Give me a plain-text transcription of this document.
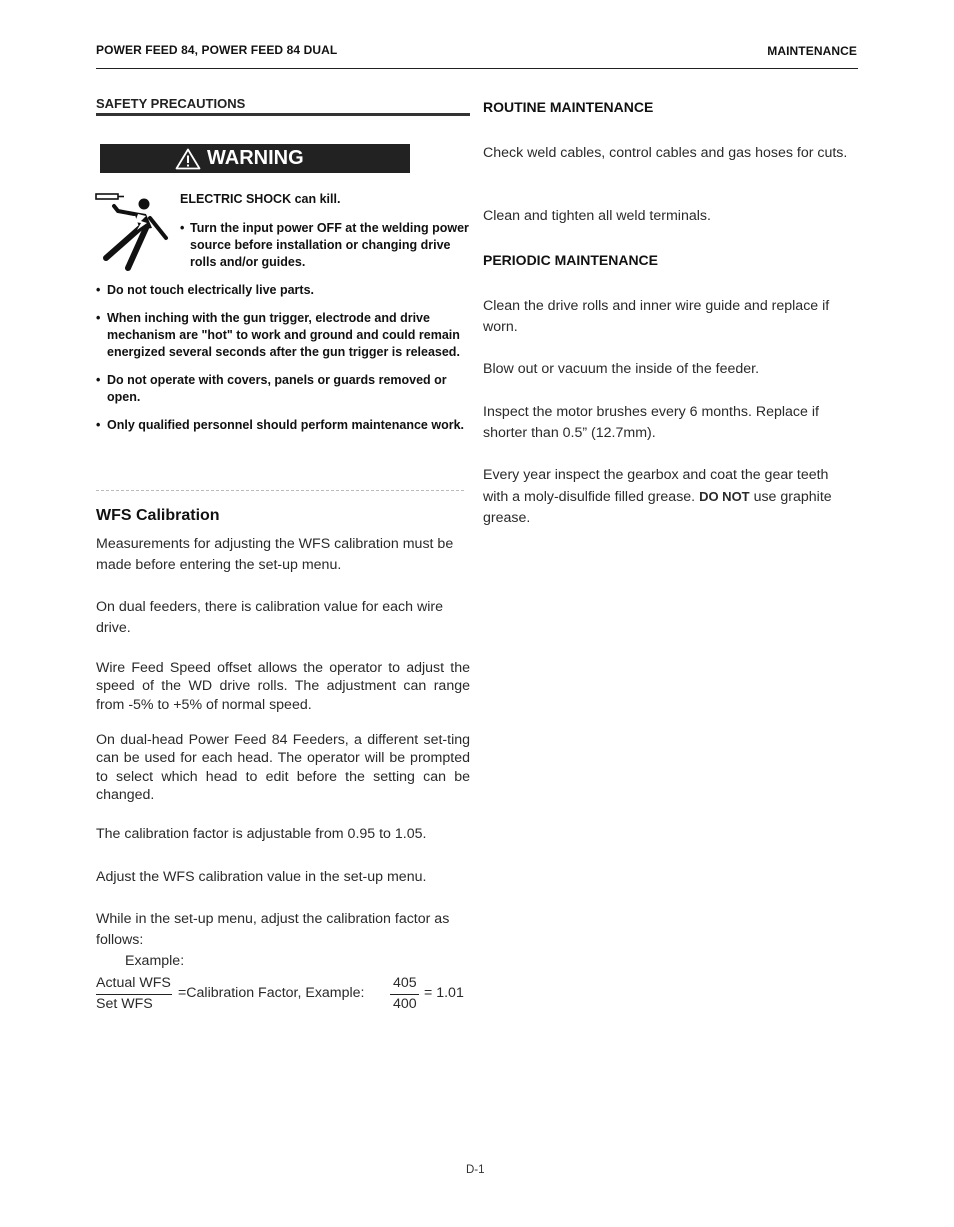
POWER FEED 84, POWER FEED 84 DUAL	MAINTENANCE
SAFETY PRECAUTIONS
WARNING
ELECTRIC SHOCK can kill.
• Turn the input power OFF at the welding power source before installation or changing drive rolls and/or guides.
• Do not touch electrically live parts.
• When inching with the gun trigger, electrode and drive mechanism are "hot" to work and ground and could remain energized several seconds after the gun trigger is released.
• Do not operate with covers, panels or guards removed or open.
• Only qualified personnel should perform maintenance work.
WFS Calibration
Measurements for adjusting the WFS calibration must be made before entering the set-up menu.
On dual feeders, there is calibration value for each wire drive.
Wire Feed Speed offset allows the operator to adjust the speed of the WD drive rolls. The adjustment can range from -5% to +5% of normal speed.
On dual-head Power Feed 84 Feeders, a different set-ting can be used for each head. The operator will be prompted to select which head to edit before the setting can be changed.
The calibration factor is adjustable from 0.95 to 1.05.
Adjust the WFS calibration value in the set-up menu.
While in the set-up menu, adjust the calibration factor as follows:
Example:
Actual WFS
Set WFS
=Calibration Factor, Example:
405
400
= 1.01
ROUTINE MAINTENANCE
Check weld cables, control cables and gas hoses for cuts.
Clean and tighten all weld terminals.
PERIODIC MAINTENANCE
Clean the drive rolls and inner wire guide and replace if worn.
Blow out or vacuum the inside of the feeder.
Inspect the motor brushes every 6 months. Replace if shorter than 0.5” (12.7mm).
Every year inspect the gearbox and coat the gear teeth with a moly-disulfide filled grease. DO NOT use graphite grease.
D-1
